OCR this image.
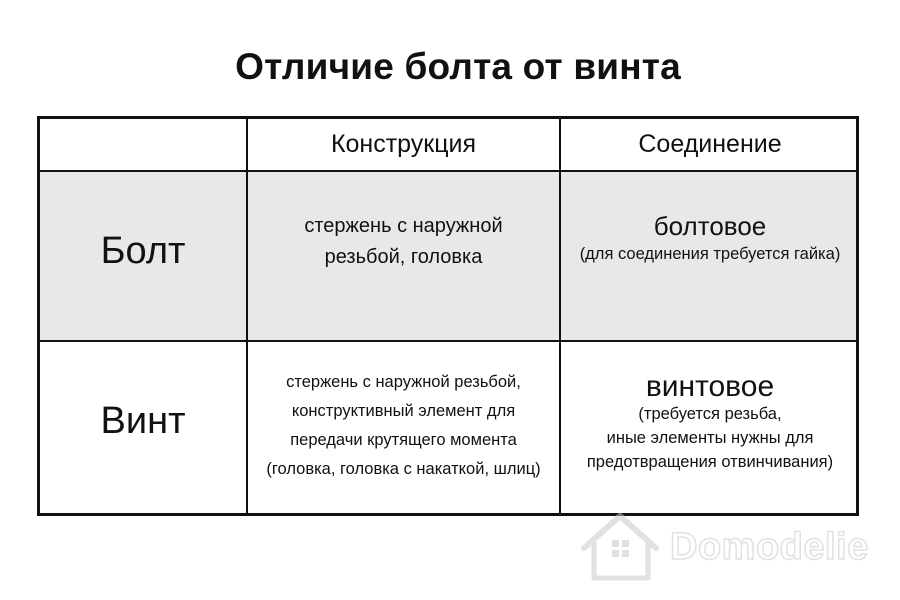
Отличие болта от винта
Конструкция	Соединение
Болт
стержень с наружной
резьбой, головка
болтовое
(для соединения требуется гайка)
Винт
стержень с наружной резьбой,
конструктивный элемент для
передачи крутящего момента
(головка, головка с накаткой, шлиц)
винтовое
(требуется резьба,
иные элементы нужны для
предотвращения отвинчивания)
Domodelie
